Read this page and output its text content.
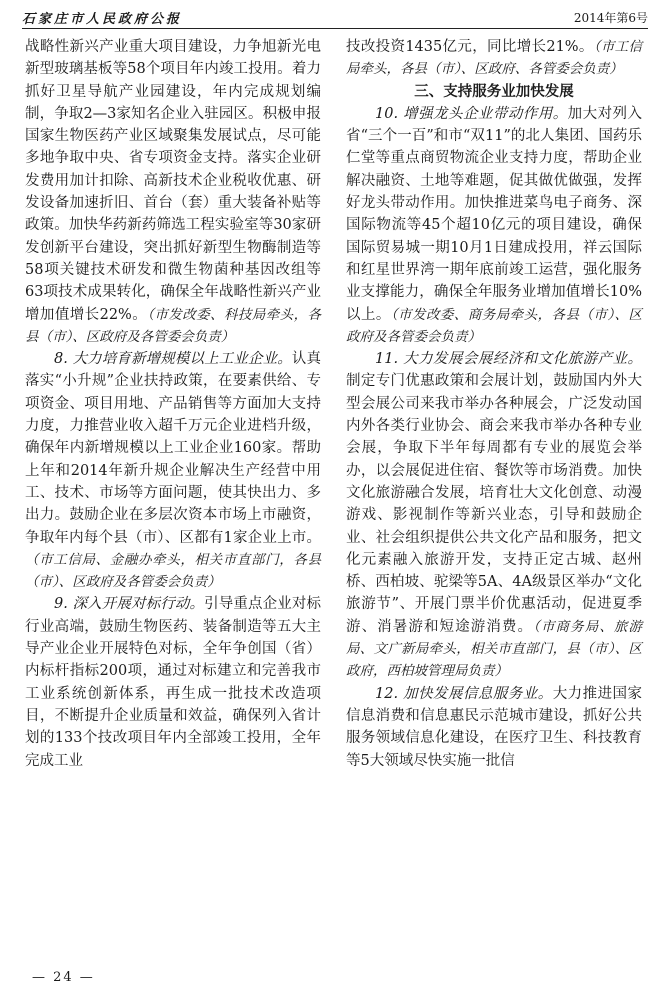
石家庄市人民政府公报	2014年第6号

战略性新兴产业重大项目建设，力争旭新光电新型玻璃基板等58个项目年内竣工投用。着力抓好卫星导航产业园建设，年内完成规划编制，争取2—3家知名企业入驻园区。积极申报国家生物医药产业区域聚集发展试点，尽可能多地争取中央、省专项资金支持。落实企业研发费用加计扣除、高新技术企业税收优惠、研发设备加速折旧、首台（套）重大装备补贴等政策。加快华药新药筛选工程实验室等30家研发创新平台建设，突出抓好新型生物酶制造等58项关键技术研发和微生物菌种基因改组等63项技术成果转化，确保全年战略性新兴产业增加值增长22%。（市发改委、科技局牵头，各县（市）、区政府及各管委会负责）

8. 大力培育新增规模以上工业企业。认真落实“小升规”企业扶持政策，在要素供给、专项资金、项目用地、产品销售等方面加大支持力度，力推营业收入超千万元企业进档升级，确保年内新增规模以上工业企业160家。帮助上年和2014年新升规企业解决生产经营中用工、技术、市场等方面问题，使其快出力、多出力。鼓励企业在多层次资本市场上市融资，争取年内每个县（市）、区都有1家企业上市。（市工信局、金融办牵头，相关市直部门，各县（市）、区政府及各管委会负责）

9. 深入开展对标行动。引导重点企业对标行业高端，鼓励生物医药、装备制造等五大主导产业企业开展特色对标，全年争创国（省）内标杆指标200项，通过对标建立和完善我市工业系统创新体系，再生成一批技术改造项目，不断提升企业质量和效益，确保列入省计划的133个技改项目年内全部竣工投用，全年完成工业

技改投资1435亿元，同比增长21%。（市工信局牵头，各县（市）、区政府、各管委会负责）

三、支持服务业加快发展

10. 增强龙头企业带动作用。加大对列入省“三个一百”和市“双11”的北人集团、国药乐仁堂等重点商贸物流企业支持力度，帮助企业解决融资、土地等难题，促其做优做强，发挥好龙头带动作用。加快推进菜鸟电子商务、深国际物流等45个超10亿元的项目建设，确保国际贸易城一期10月1日建成投用，祥云国际和红星世界湾一期年底前竣工运营，强化服务业支撑能力，确保全年服务业增加值增长10%以上。（市发改委、商务局牵头，各县（市）、区政府及各管委会负责）

11. 大力发展会展经济和文化旅游产业。制定专门优惠政策和会展计划，鼓励国内外大型会展公司来我市举办各种展会，广泛发动国内外各类行业协会、商会来我市举办各种专业会展，争取下半年每周都有专业的展览会举办，以会展促进住宿、餐饮等市场消费。加快文化旅游融合发展，培育壮大文化创意、动漫游戏、影视制作等新兴业态，引导和鼓励企业、社会组织提供公共文化产品和服务，把文化元素融入旅游开发，支持正定古城、赵州桥、西柏坡、驼梁等5A、4A级景区举办“文化旅游节”、开展门票半价优惠活动，促进夏季游、消暑游和短途游消费。（市商务局、旅游局、文广新局牵头，相关市直部门，县（市）、区政府，西柏坡管理局负责）

12. 加快发展信息服务业。大力推进国家信息消费和信息惠民示范城市建设，抓好公共服务领域信息化建设，在医疗卫生、科技教育等5大领域尽快实施一批信

— 24 —
